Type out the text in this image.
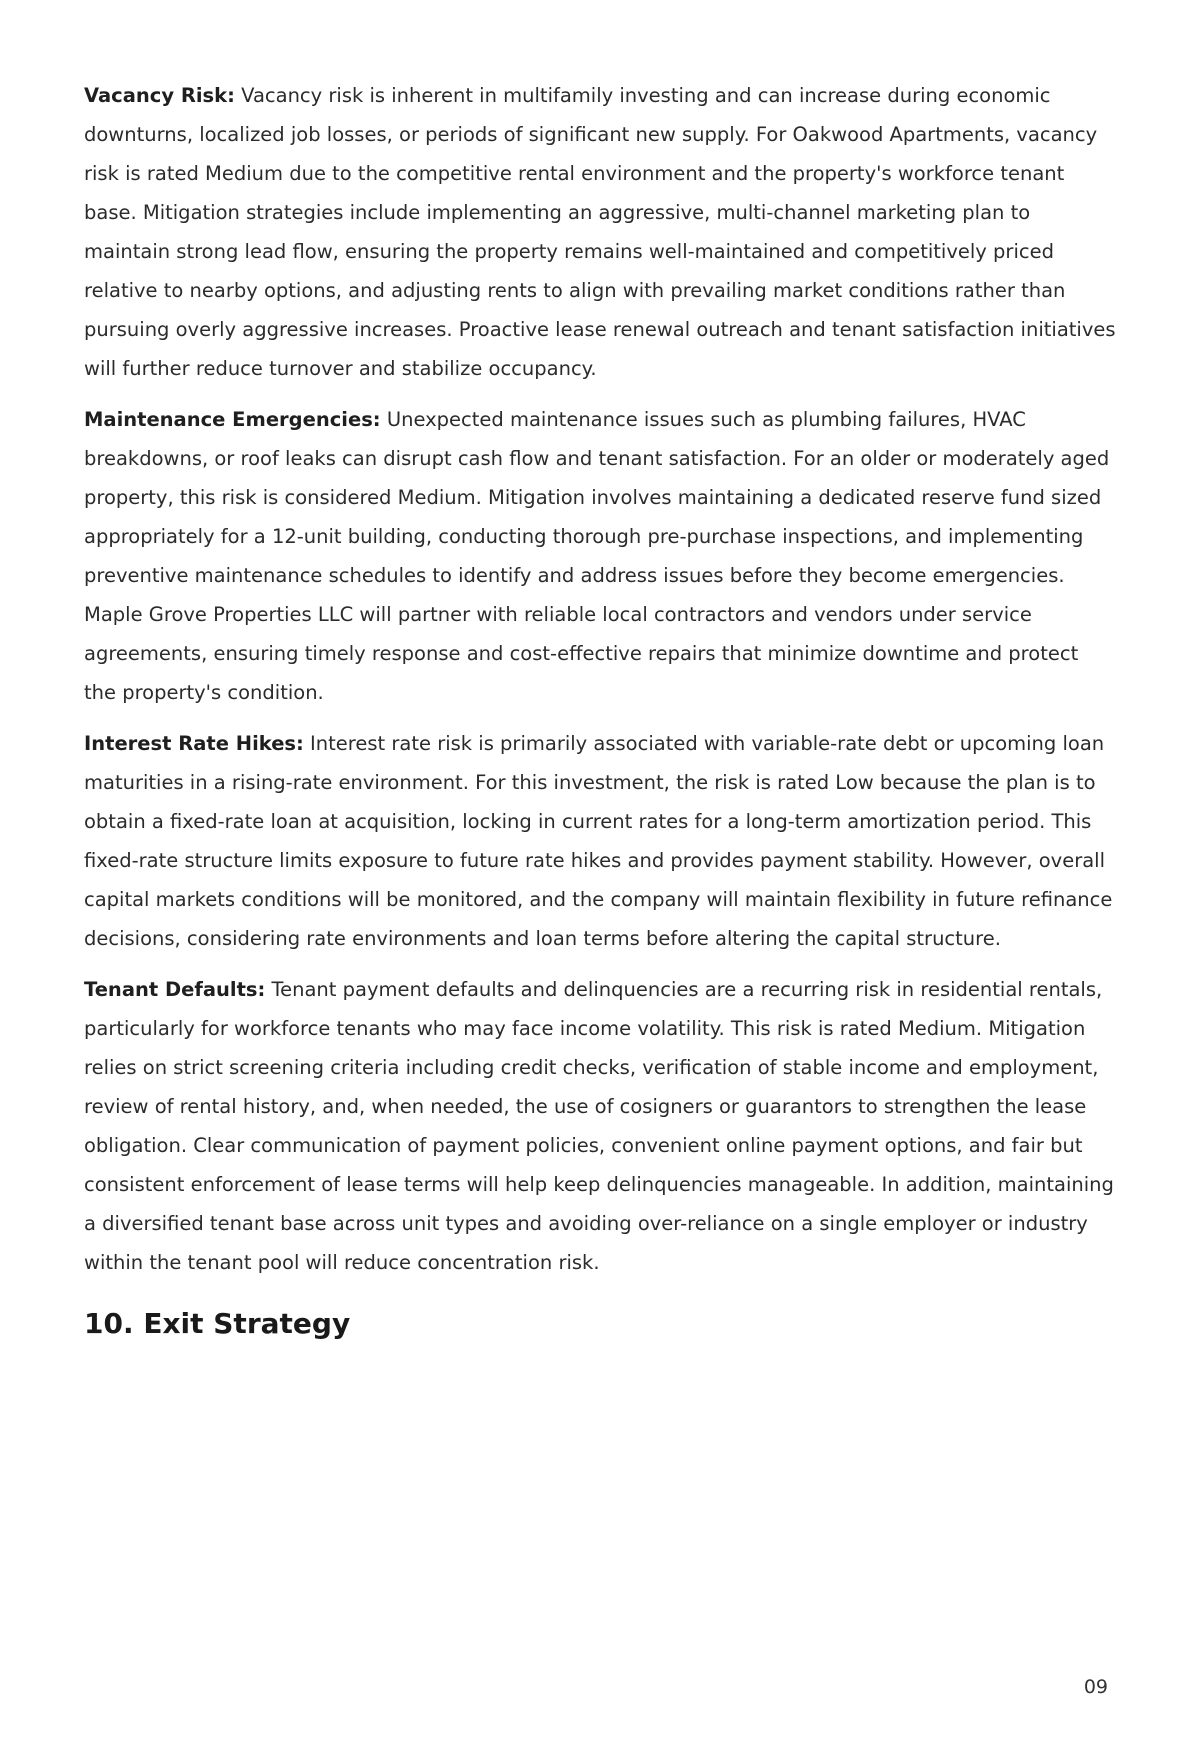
Vacancy Risk: Vacancy risk is inherent in multifamily investing and can increase during economic downturns, localized job losses, or periods of significant new supply. For Oakwood Apartments, vacancy risk is rated Medium due to the competitive rental environment and the property's workforce tenant base. Mitigation strategies include implementing an aggressive, multi-channel marketing plan to maintain strong lead flow, ensuring the property remains well-maintained and competitively priced relative to nearby options, and adjusting rents to align with prevailing market conditions rather than pursuing overly aggressive increases. Proactive lease renewal outreach and tenant satisfaction initiatives will further reduce turnover and stabilize occupancy.

Maintenance Emergencies: Unexpected maintenance issues such as plumbing failures, HVAC breakdowns, or roof leaks can disrupt cash flow and tenant satisfaction. For an older or moderately aged property, this risk is considered Medium. Mitigation involves maintaining a dedicated reserve fund sized appropriately for a 12-unit building, conducting thorough pre-purchase inspections, and implementing preventive maintenance schedules to identify and address issues before they become emergencies. Maple Grove Properties LLC will partner with reliable local contractors and vendors under service agreements, ensuring timely response and cost-effective repairs that minimize downtime and protect the property's condition.

Interest Rate Hikes: Interest rate risk is primarily associated with variable-rate debt or upcoming loan maturities in a rising-rate environment. For this investment, the risk is rated Low because the plan is to obtain a fixed-rate loan at acquisition, locking in current rates for a long-term amortization period. This fixed-rate structure limits exposure to future rate hikes and provides payment stability. However, overall capital markets conditions will be monitored, and the company will maintain flexibility in future refinance decisions, considering rate environments and loan terms before altering the capital structure.

Tenant Defaults: Tenant payment defaults and delinquencies are a recurring risk in residential rentals, particularly for workforce tenants who may face income volatility. This risk is rated Medium. Mitigation relies on strict screening criteria including credit checks, verification of stable income and employment, review of rental history, and, when needed, the use of cosigners or guarantors to strengthen the lease obligation. Clear communication of payment policies, convenient online payment options, and fair but consistent enforcement of lease terms will help keep delinquencies manageable. In addition, maintaining a diversified tenant base across unit types and avoiding over-reliance on a single employer or industry within the tenant pool will reduce concentration risk.

10. Exit Strategy
09
